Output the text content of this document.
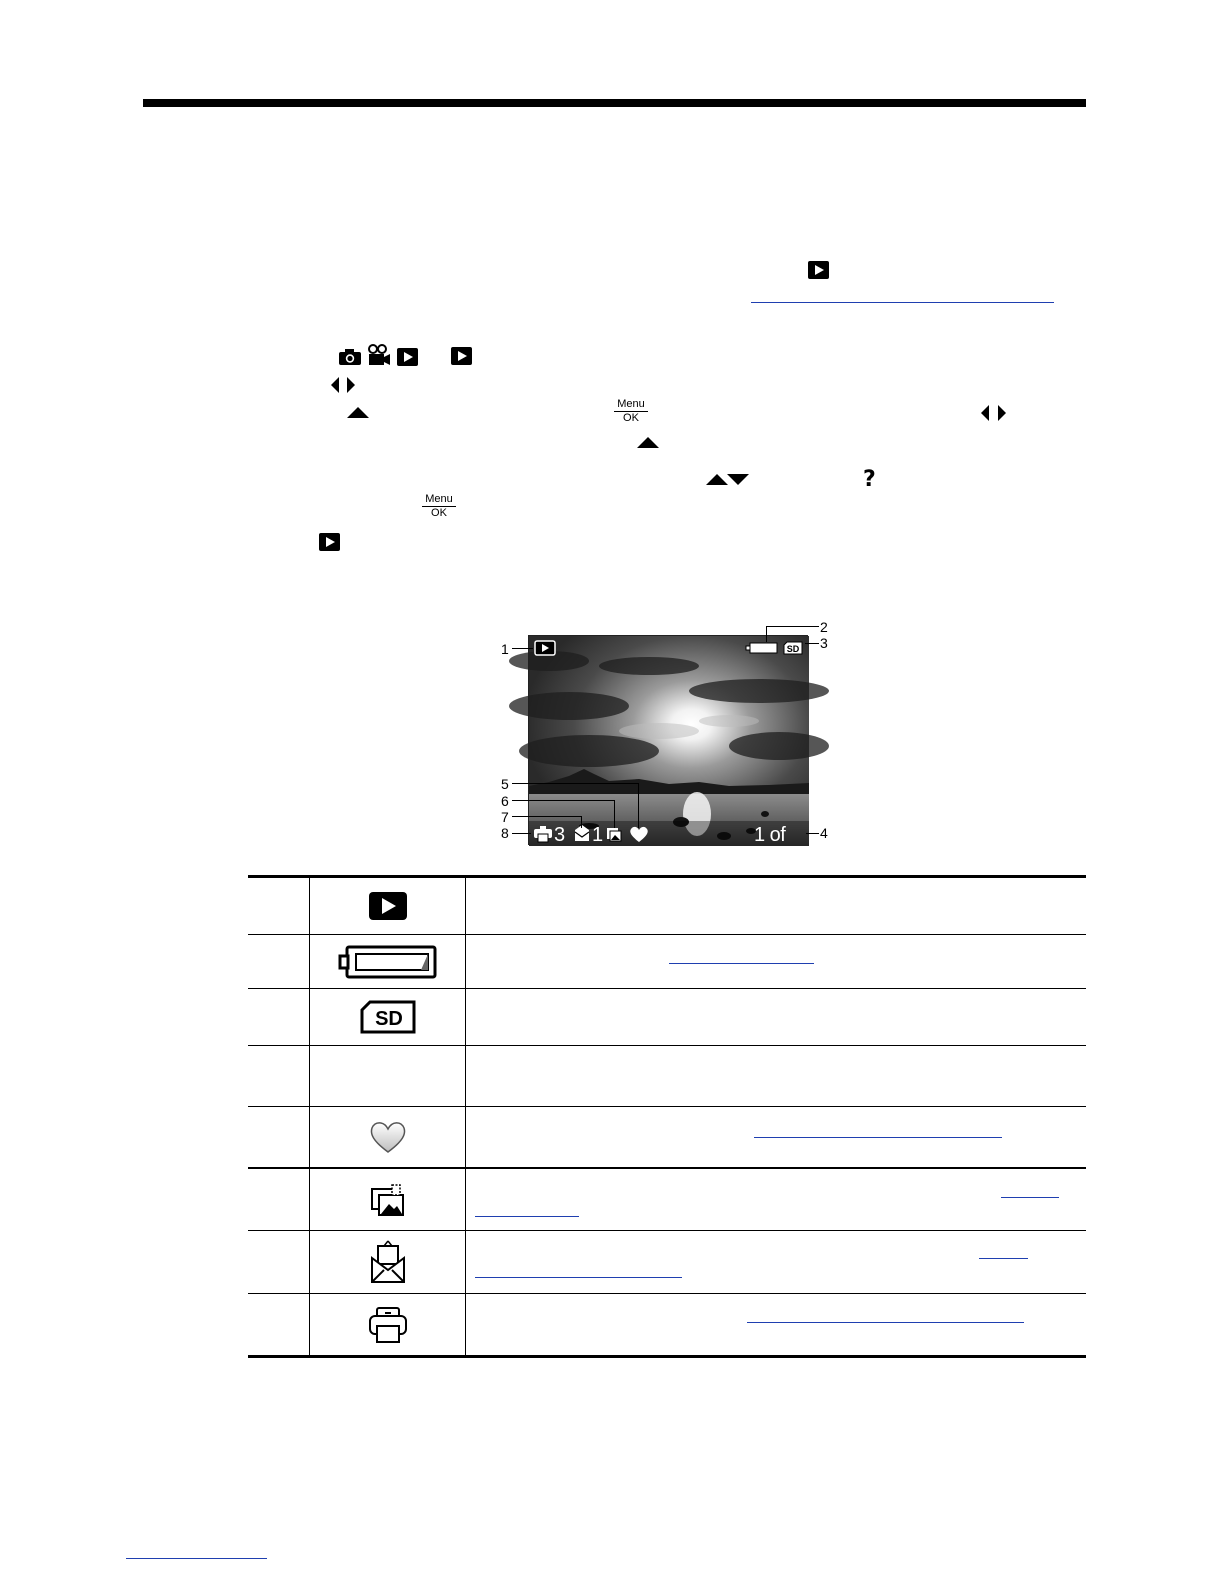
Menu
OK
?
Menu
OK
SD
3 1	1 of 30
1
2
3
4
5
6
7
8
SD
